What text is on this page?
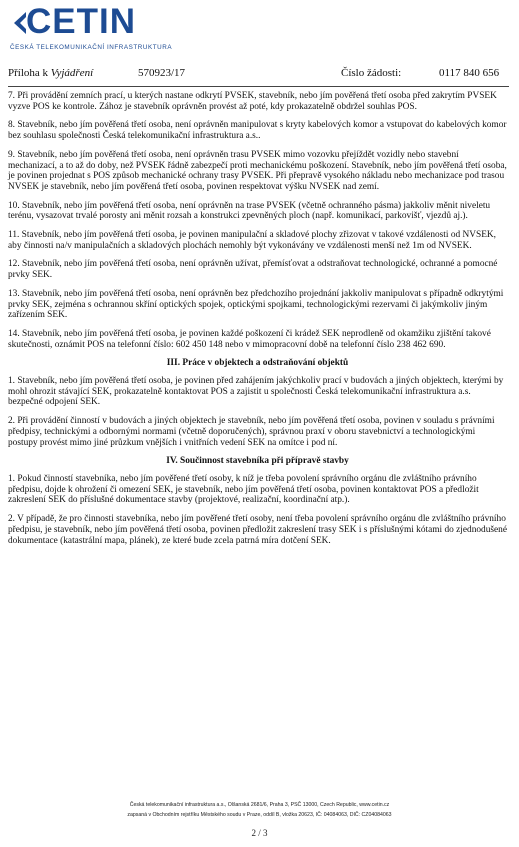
CETIN
ČESKÁ TELEKOMUNIKAČNÍ INFRASTRUKTURA
Příloha k Vyjádření	570923/17	Číslo žádosti:	0117 840 656

7. Při provádění zemních prací, u kterých nastane odkrytí PVSEK, stavebník, nebo jím pověřená třetí osoba před zakrytím PVSEK vyzve POS ke kontrole. Zához je stavebník oprávněn provést až poté, kdy prokazatelně obdržel souhlas POS.

8. Stavebník, nebo jím pověřená třetí osoba, není oprávněn manipulovat s kryty kabelových komor a vstupovat do kabelových komor bez souhlasu společnosti Česká telekomunikační infrastruktura a.s..

9. Stavebník, nebo jím pověřená třetí osoba, není oprávněn trasu PVSEK mimo vozovku přejíždět vozidly nebo stavební mechanizací, a to až do doby, než PVSEK řádně zabezpečí proti mechanickému poškození. Stavebník, nebo jím pověřená třetí osoba, je povinen projednat s POS způsob mechanické ochrany trasy PVSEK. Při přepravě vysokého nákladu nebo mechanizace pod trasou NVSEK je stavebník, nebo jím pověřená třetí osoba, povinen respektovat výšku NVSEK nad zemí.

10. Stavebník, nebo jím pověřená třetí osoba, není oprávněn na trase PVSEK (včetně ochranného pásma) jakkoliv měnit niveletu terénu, vysazovat trvalé porosty ani měnit rozsah a konstrukci zpevněných ploch (např. komunikací, parkovišť, vjezdů aj.).

11. Stavebník, nebo jím pověřená třetí osoba, je povinen manipulační a skladové plochy zřizovat v takové vzdálenosti od NVSEK, aby činnosti na/v manipulačních a skladových plochách nemohly být vykonávány ve vzdálenosti menší než 1m od NVSEK.

12. Stavebník, nebo jím pověřená třetí osoba, není oprávněn užívat, přemísťovat a odstraňovat technologické, ochranné a pomocné prvky SEK.

13. Stavebník, nebo jím pověřená třetí osoba, není oprávněn bez předchozího projednání jakkoliv manipulovat s případně odkrytými prvky SEK, zejména s ochrannou skříní optických spojek, optickými spojkami, technologickými rezervami či jakýmkoliv jiným zařízením SEK.

14. Stavebník, nebo jím pověřená třetí osoba, je povinen každé poškození či krádež SEK neprodleně od okamžiku zjištění takové skutečnosti, oznámit POS na telefonní číslo: 602 450 148 nebo v mimopracovní době na telefonní číslo 238 462 690.

III. Práce v objektech a odstraňování objektů

1. Stavebník, nebo jím pověřená třetí osoba, je povinen před zahájením jakýchkoliv prací v budovách a jiných objektech, kterými by mohl ohrozit stávající SEK, prokazatelně kontaktovat POS a zajistit u společnosti Česká telekomunikační infrastruktura a.s. bezpečné odpojení SEK.

2. Při provádění činností v budovách a jiných objektech je stavebník, nebo jím pověřená třetí osoba, povinen v souladu s právními předpisy, technickými a odbornými normami (včetně doporučených), správnou praxí v oboru stavebnictví a technologickými postupy provést mimo jiné průzkum vnějších i vnitřních vedení SEK na omítce i pod ní.

IV. Součinnost stavebníka při přípravě stavby

1. Pokud činností stavebníka, nebo jím pověřené třetí osoby, k níž je třeba povolení správního orgánu dle zvláštního právního předpisu, dojde k ohrožení či omezení SEK, je stavebník, nebo jím pověřená třetí osoba, povinen kontaktovat POS a předložit zakreslení SEK do příslušné dokumentace stavby (projektové, realizační, koordinační atp.).

2. V případě, že pro činnosti stavebníka, nebo jím pověřené třetí osoby, není třeba povolení správního orgánu dle zvláštního právního předpisu, je stavebník, nebo jím pověřená třetí osoba, povinen předložit zakreslení trasy SEK i s příslušnými kótami do zjednodušené dokumentace (katastrální mapa, plánek), ze které bude zcela patrná míra dotčení SEK.

Česká telekomunikační infrastruktura a.s., Olšanská 2681/6, Praha 3, PSČ 13000, Czech Republic, www.cetin.cz
zapsaná v Obchodním rejstříku Městského soudu v Praze, oddíl B, vložka 20623, IČ: 04084063, DIČ: CZ04084063
2 / 3
